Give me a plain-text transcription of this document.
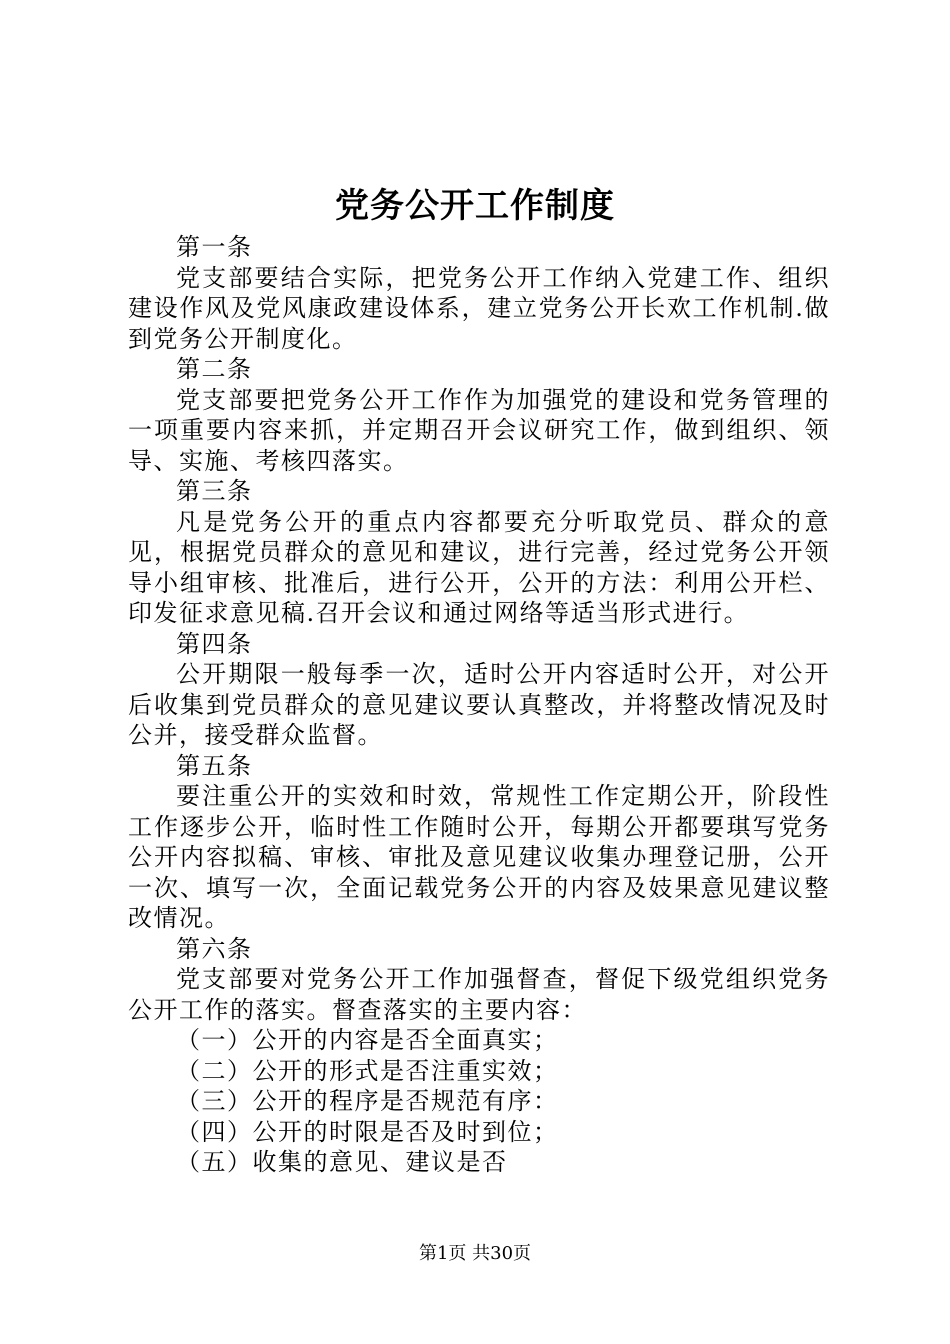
党务公开工作制度

第一条

党支部要结合实际，把党务公开工作纳入党建工作、组织建设作风及党风康政建设体系，建立党务公开长欢工作机制.做到党务公开制度化。

第二条

党支部要把党务公开工作作为加强党的建设和党务管理的一项重要内容来抓，并定期召开会议研究工作，做到组织、领导、实施、考核四落实。

第三条

凡是党务公开的重点内容都要充分听取党员、群众的意见，根据党员群众的意见和建议，进行完善，经过党务公开领导小组审核、批准后，进行公开，公开的方法：利用公开栏、印发征求意见稿.召开会议和通过网络等适当形式进行。

第四条

公开期限一般每季一次，适时公开内容适时公开，对公开后收集到党员群众的意见建议要认真整改，并将整改情况及时公并，接受群众监督。

第五条

要注重公开的实效和时效，常规性工作定期公开，阶段性工作逐步公开，临时性工作随时公开，每期公开都要琪写党务公开内容拟稿、审核、审批及意见建议收集办理登记册，公开一次、填写一次，全面记载党务公开的内容及妓果意见建议整改情况。

第六条

党支部要对党务公开工作加强督查，督促下级党组织党务公开工作的落实。督查落实的主要内容：

（一）公开的内容是否全面真实；

（二）公开的形式是否注重实效；

（三）公开的程序是否规范有序：

（四）公开的时限是否及时到位；

（五）收集的意见、建议是否

第1页 共30页
